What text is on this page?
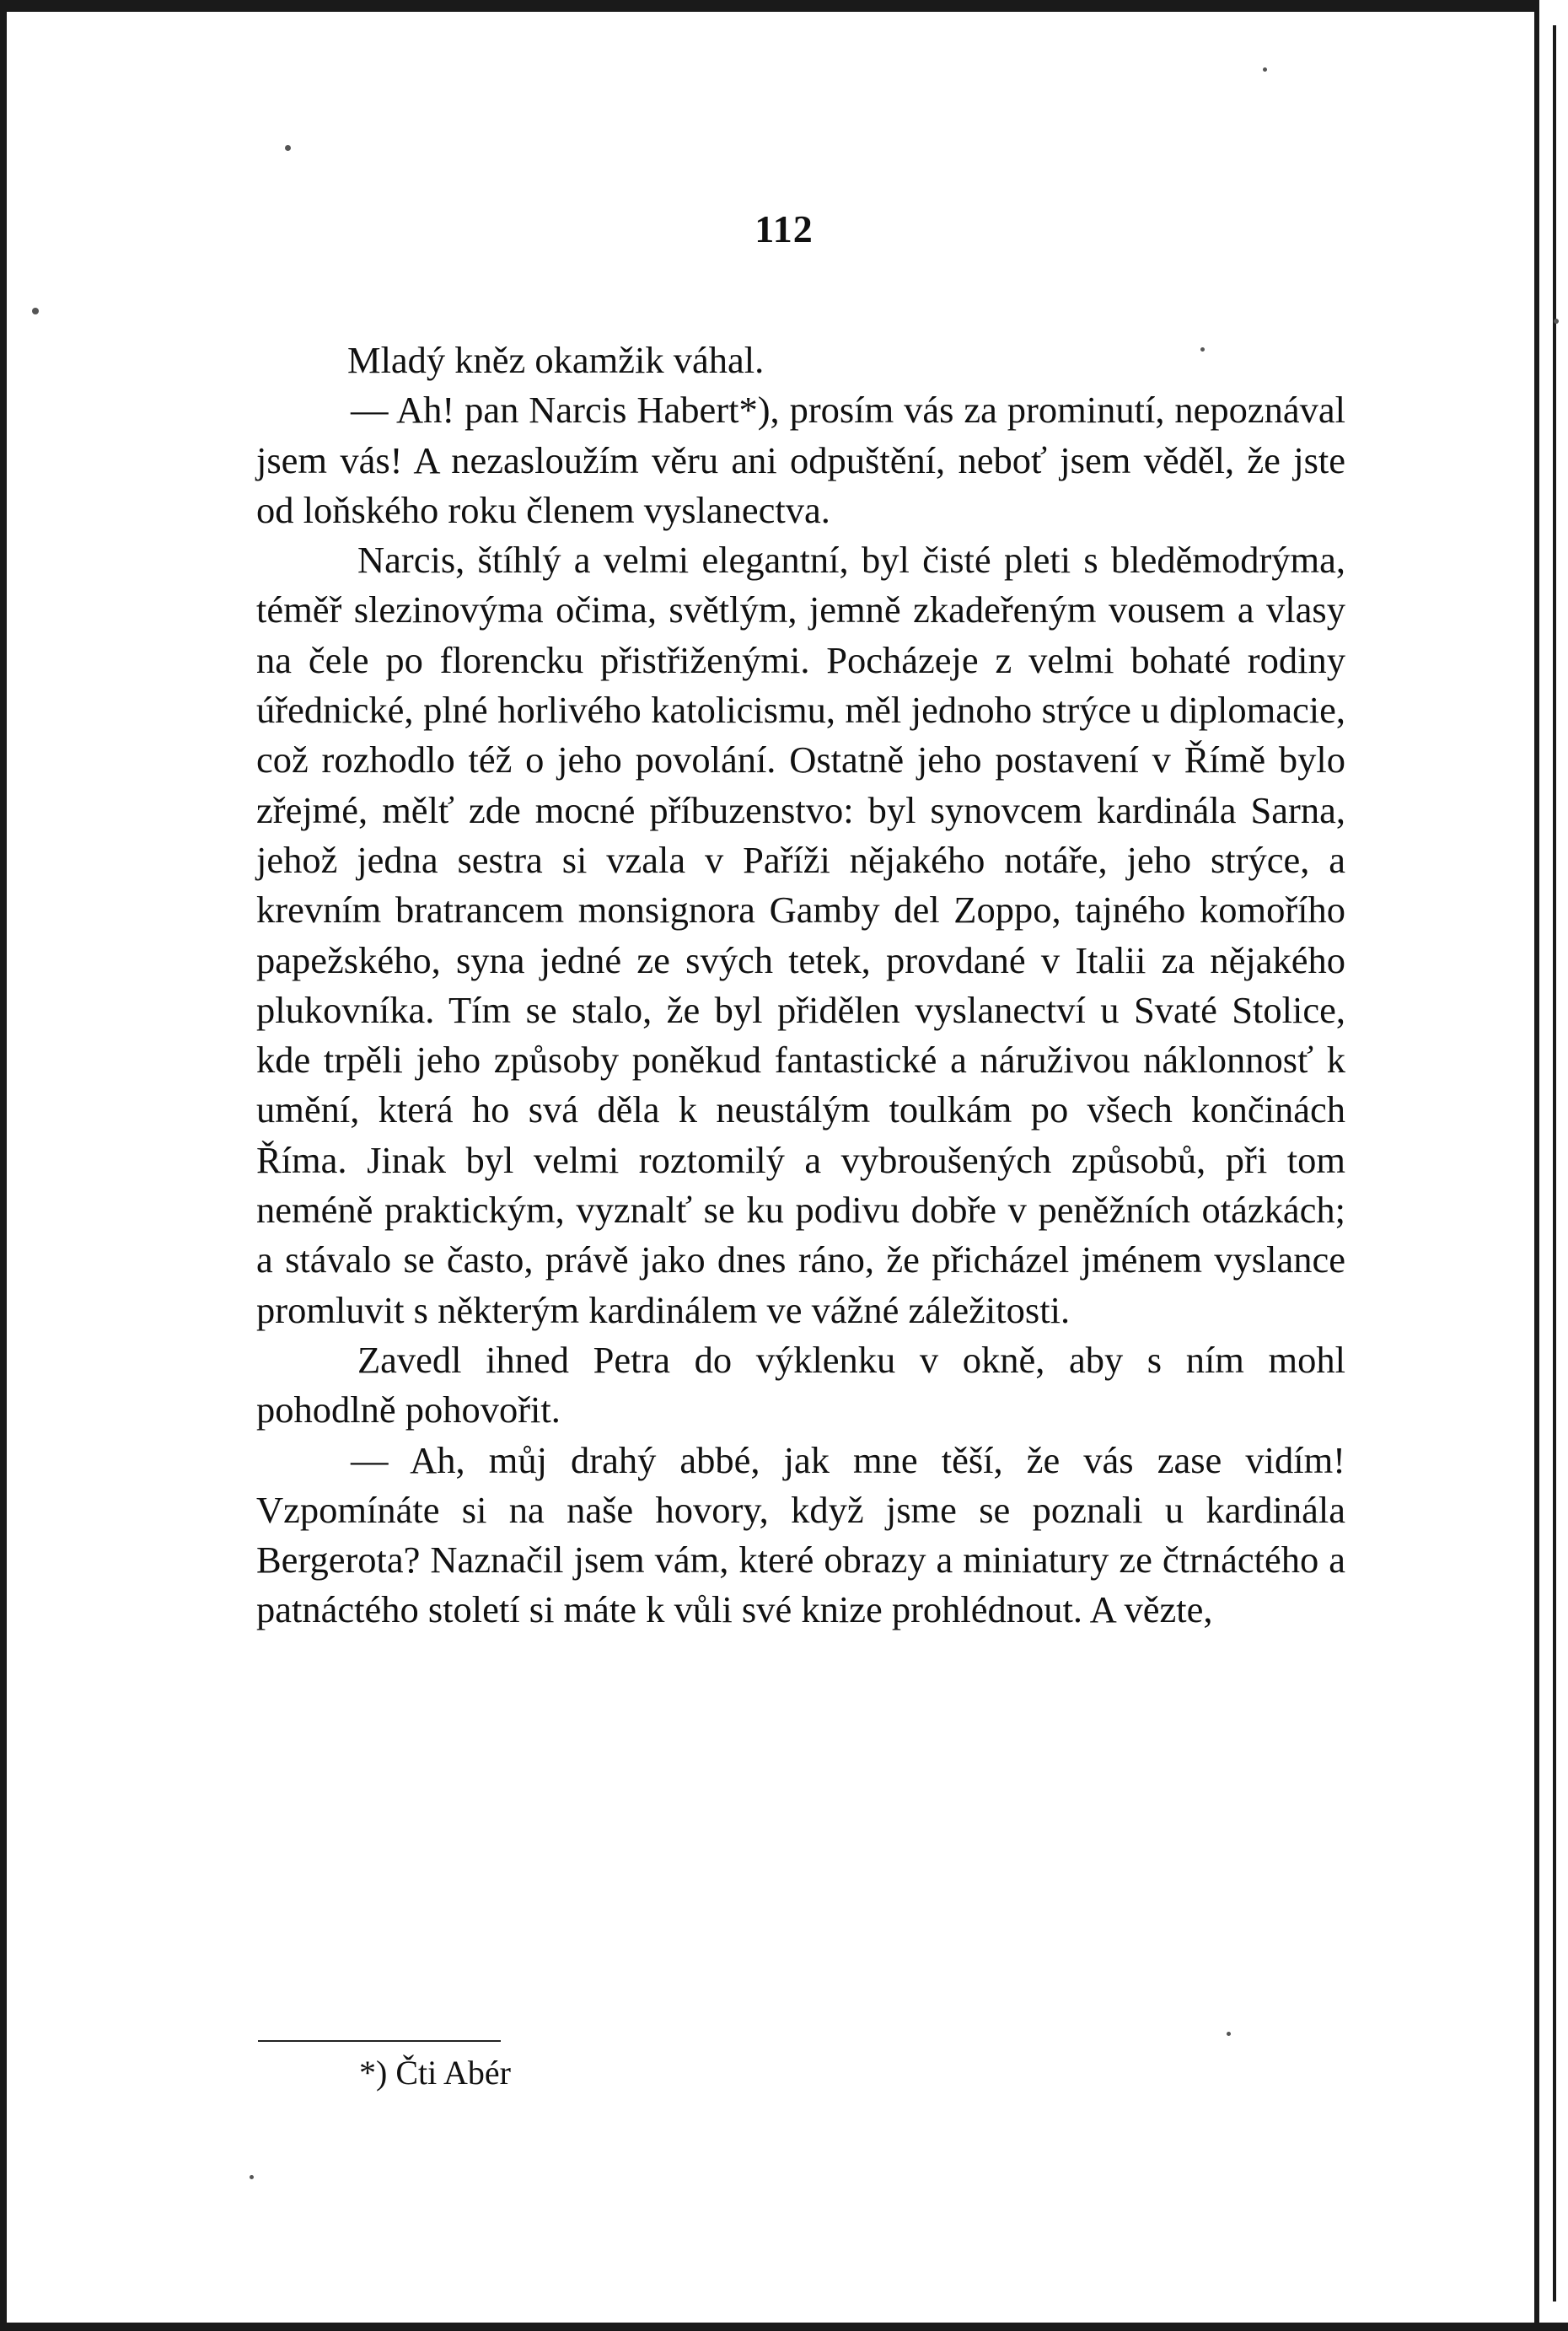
112

Mladý kněz okamžik váhal.

— Ah! pan Narcis Habert*), prosím vás za prominutí, nepoznával jsem vás! A nezasloužím věru ani odpuštění, neboť jsem věděl, že jste od loňského roku členem vyslanectva.

Narcis, štíhlý a velmi elegantní, byl čisté pleti s bleděmodrýma, téměř slezinovýma očima, světlým, jemně zkadeřeným vousem a vlasy na čele po florencku přistřiženými. Pocházeje z velmi bohaté rodiny úřednické, plné horlivého katolicismu, měl jednoho strýce u diplomacie, což rozhodlo též o jeho povolání. Ostatně jeho postavení v Římě bylo zřejmé, mělť zde mocné příbuzenstvo: byl synovcem kardinála Sarna, jehož jedna sestra si vzala v Paříži nějakého notáře, jeho strýce, a krevním bratrancem monsignora Gamby del Zoppo, tajného komořího papežského, syna jedné ze svých tetek, provdané v Italii za nějakého plukovníka. Tím se stalo, že byl přidělen vyslanectví u Svaté Stolice, kde trpěli jeho způsoby poněkud fantastické a náruživou náklonnosť k umění, která ho svá děla k neustálým toulkám po všech končinách Říma. Jinak byl velmi roztomilý a vybroušených způsobů, při tom neméně praktickým, vyznalť se ku podivu dobře v peněžních otázkách; a stávalo se často, právě jako dnes ráno, že přicházel jménem vyslance promluvit s některým kardinálem ve vážné záležitosti.

Zavedl ihned Petra do výklenku v okně, aby s ním mohl pohodlně pohovořit.

— Ah, můj drahý abbé, jak mne těší, že vás zase vidím! Vzpomínáte si na naše hovory, když jsme se poznali u kardinála Bergerota? Naznačil jsem vám, které obrazy a miniatury ze čtrnáctého a patnáctého století si máte k vůli své knize prohlédnout. A vězte,

*) Čti Abér
